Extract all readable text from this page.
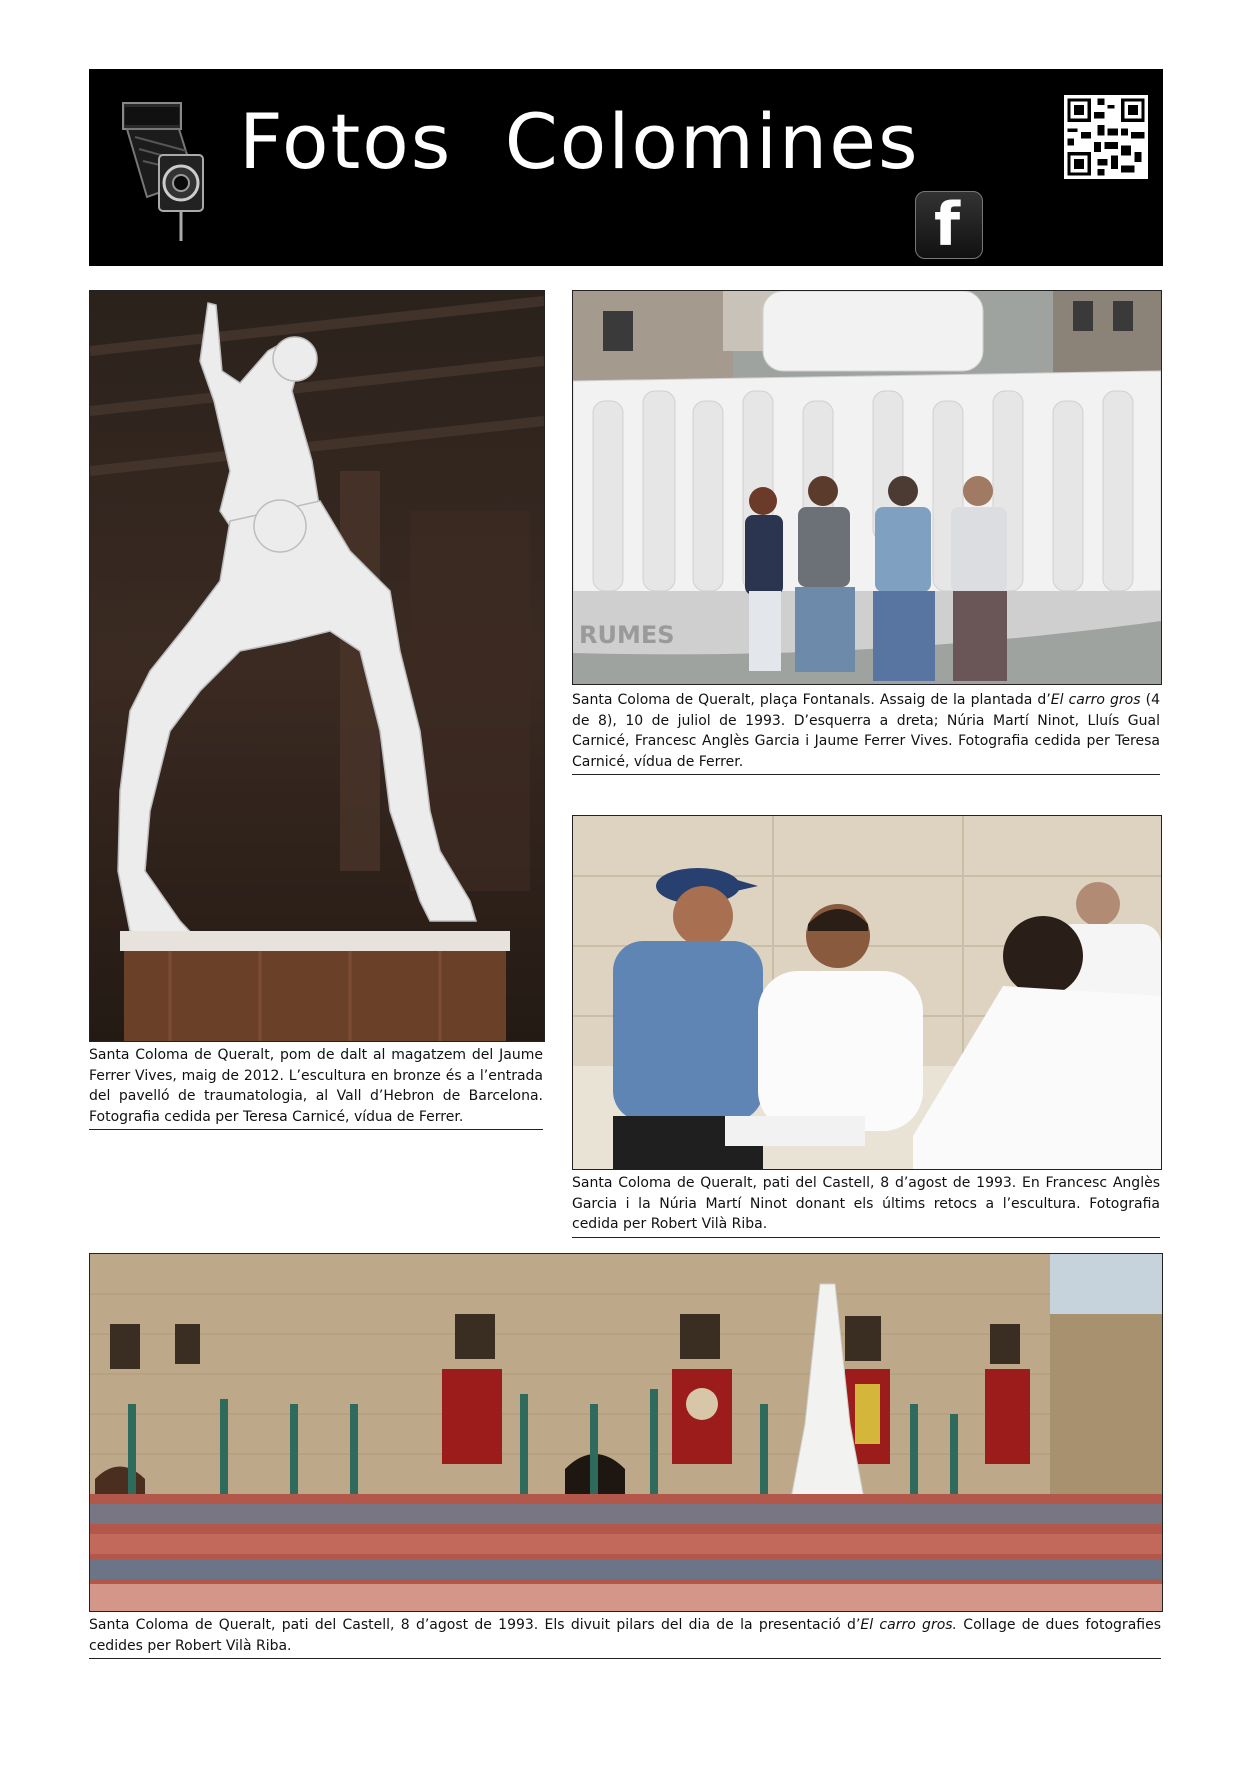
Fotos  Colomines
f
Santa Coloma de Queralt, pom de dalt al magatzem del Jaume Ferrer Vives, maig de 2012. L’escultura en bronze és a l’entrada del pavelló de traumatologia, al Vall d’Hebron de Barcelona. Fotografia cedida per Teresa Carnicé, vídua de Ferrer.
RUMES
Santa Coloma de Queralt, plaça Fontanals. Assaig de la plantada d’El carro gros (4 de 8), 10 de juliol de 1993. D’esquerra a dreta; Núria Martí Ninot, Lluís Gual Carnicé, Francesc Anglès Garcia i Jaume Ferrer Vives. Fotografia cedida per Teresa Carnicé, vídua de Ferrer.
Santa Coloma de Queralt, pati del Castell, 8 d’agost de 1993. En Francesc Anglès Garcia i la Núria Martí Ninot donant els últims retocs a l’escultura. Fotografia cedida per Robert Vilà Riba.
Santa Coloma de Queralt, pati del Castell, 8 d’agost de 1993. Els divuit pilars del dia de la presentació d’El carro gros. Collage de dues fotografies cedides per Robert Vilà Riba.
